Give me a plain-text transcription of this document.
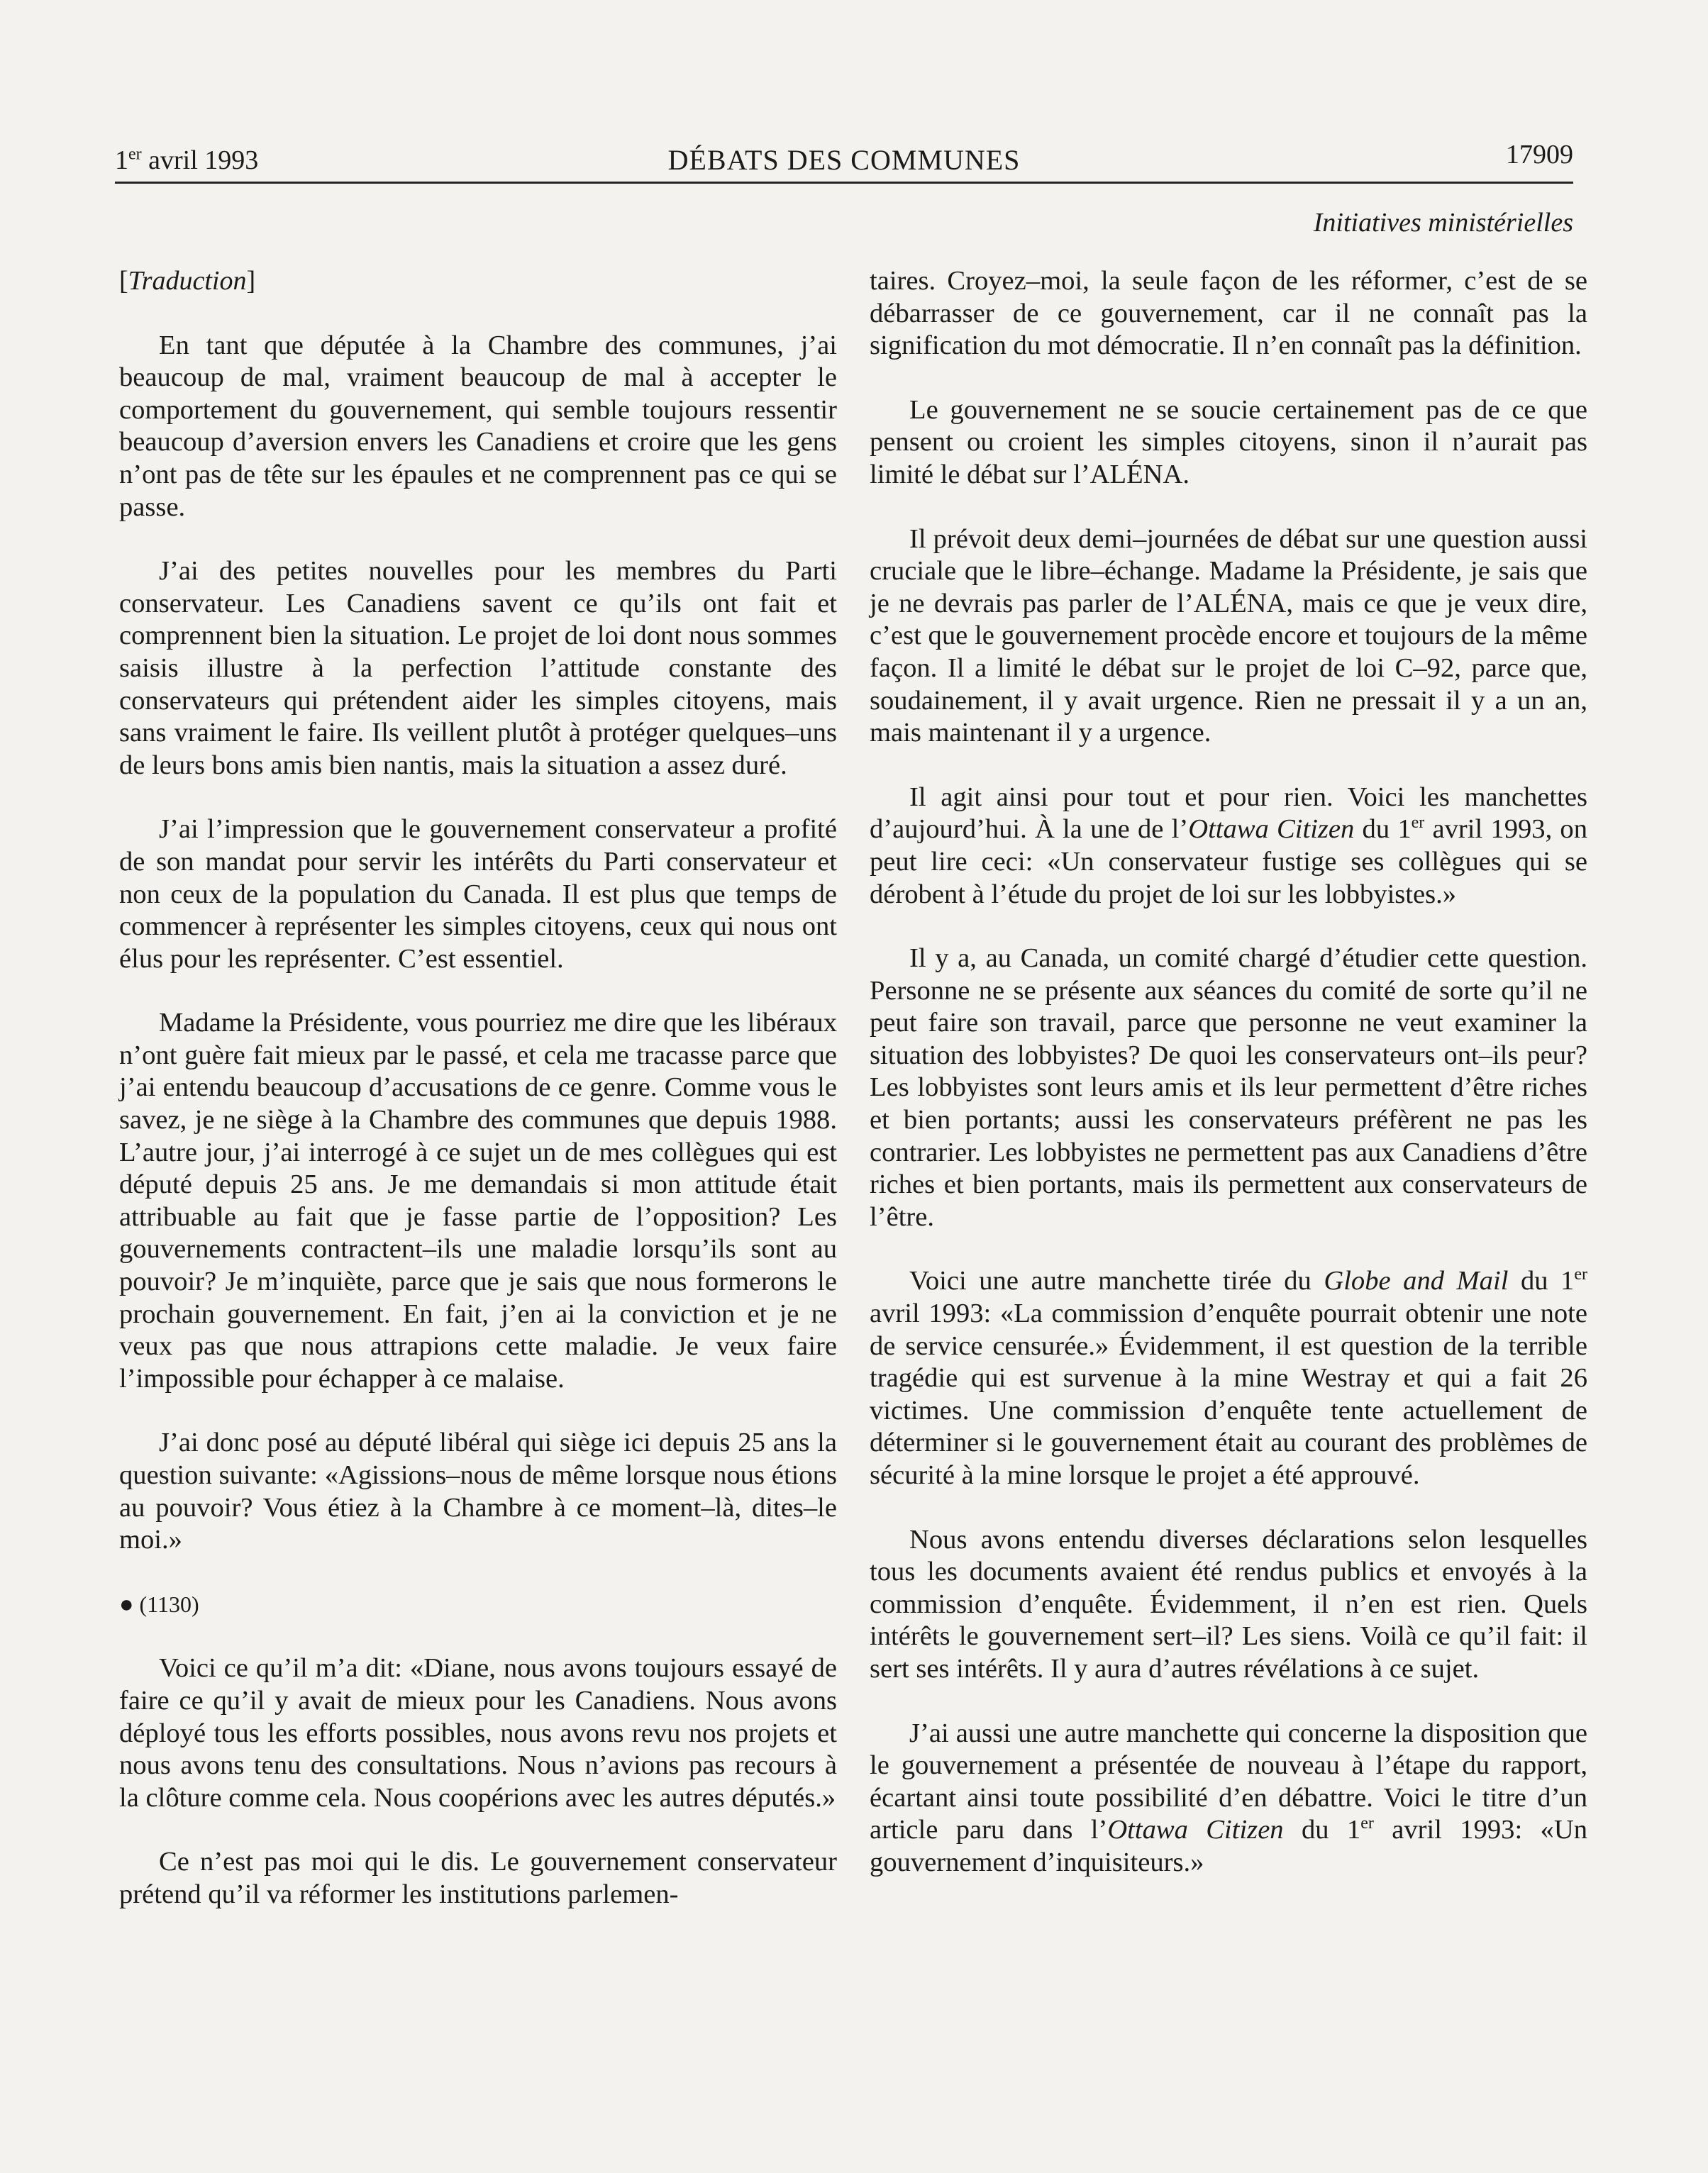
1er avril 1993	DÉBATS DES COMMUNES	17909
Initiatives ministérielles

[Traduction]

En tant que députée à la Chambre des communes, j’ai beaucoup de mal, vraiment beaucoup de mal à accepter le comportement du gouvernement, qui semble toujours ressentir beaucoup d’aversion envers les Canadiens et croire que les gens n’ont pas de tête sur les épaules et ne comprennent pas ce qui se passe.

J’ai des petites nouvelles pour les membres du Parti conservateur. Les Canadiens savent ce qu’ils ont fait et comprennent bien la situation. Le projet de loi dont nous sommes saisis illustre à la perfection l’attitude constante des conservateurs qui prétendent aider les simples citoyens, mais sans vraiment le faire. Ils veillent plutôt à protéger quelques–uns de leurs bons amis bien nantis, mais la situation a assez duré.

J’ai l’impression que le gouvernement conservateur a profité de son mandat pour servir les intérêts du Parti conservateur et non ceux de la population du Canada. Il est plus que temps de commencer à représenter les simples citoyens, ceux qui nous ont élus pour les représenter. C’est essentiel.

Madame la Présidente, vous pourriez me dire que les libéraux n’ont guère fait mieux par le passé, et cela me tracasse parce que j’ai entendu beaucoup d’accusations de ce genre. Comme vous le savez, je ne siège à la Chambre des communes que depuis 1988. L’autre jour, j’ai interrogé à ce sujet un de mes collègues qui est député depuis 25 ans. Je me demandais si mon attitude était attribuable au fait que je fasse partie de l’opposition? Les gouvernements contractent–ils une maladie lorsqu’ils sont au pouvoir? Je m’inquiète, parce que je sais que nous formerons le prochain gouvernement. En fait, j’en ai la conviction et je ne veux pas que nous attrapions cette maladie. Je veux faire l’impossible pour échapper à ce malaise.

J’ai donc posé au député libéral qui siège ici depuis 25 ans la question suivante: «Agissions–nous de même lorsque nous étions au pouvoir? Vous étiez à la Chambre à ce moment–là, dites–le moi.»

● (1130)

Voici ce qu’il m’a dit: «Diane, nous avons toujours essayé de faire ce qu’il y avait de mieux pour les Canadiens. Nous avons déployé tous les efforts possibles, nous avons revu nos projets et nous avons tenu des consultations. Nous n’avions pas recours à la clôture comme cela. Nous coopérions avec les autres députés.»

Ce n’est pas moi qui le dis. Le gouvernement conservateur prétend qu’il va réformer les institutions parlemen-

taires. Croyez–moi, la seule façon de les réformer, c’est de se débarrasser de ce gouvernement, car il ne connaît pas la signification du mot démocratie. Il n’en connaît pas la définition.

Le gouvernement ne se soucie certainement pas de ce que pensent ou croient les simples citoyens, sinon il n’aurait pas limité le débat sur l’ALÉNA.

Il prévoit deux demi–journées de débat sur une question aussi cruciale que le libre–échange. Madame la Présidente, je sais que je ne devrais pas parler de l’ALÉNA, mais ce que je veux dire, c’est que le gouvernement procède encore et toujours de la même façon. Il a limité le débat sur le projet de loi C–92, parce que, soudainement, il y avait urgence. Rien ne pressait il y a un an, mais maintenant il y a urgence.

Il agit ainsi pour tout et pour rien. Voici les manchettes d’aujourd’hui. À la une de l’Ottawa Citizen du 1er avril 1993, on peut lire ceci: «Un conservateur fustige ses collègues qui se dérobent à l’étude du projet de loi sur les lobbyistes.»

Il y a, au Canada, un comité chargé d’étudier cette question. Personne ne se présente aux séances du comité de sorte qu’il ne peut faire son travail, parce que personne ne veut examiner la situation des lobbyistes? De quoi les conservateurs ont–ils peur? Les lobbyistes sont leurs amis et ils leur permettent d’être riches et bien portants; aussi les conservateurs préfèrent ne pas les contrarier. Les lobbyistes ne permettent pas aux Canadiens d’être riches et bien portants, mais ils permettent aux conservateurs de l’être.

Voici une autre manchette tirée du Globe and Mail du 1er avril 1993: «La commission d’enquête pourrait obtenir une note de service censurée.» Évidemment, il est question de la terrible tragédie qui est survenue à la mine Westray et qui a fait 26 victimes. Une commission d’enquête tente actuellement de déterminer si le gouvernement était au courant des problèmes de sécurité à la mine lorsque le projet a été approuvé.

Nous avons entendu diverses déclarations selon lesquelles tous les documents avaient été rendus publics et envoyés à la commission d’enquête. Évidemment, il n’en est rien. Quels intérêts le gouvernement sert–il? Les siens. Voilà ce qu’il fait: il sert ses intérêts. Il y aura d’autres révélations à ce sujet.

J’ai aussi une autre manchette qui concerne la disposition que le gouvernement a présentée de nouveau à l’étape du rapport, écartant ainsi toute possibilité d’en débattre. Voici le titre d’un article paru dans l’Ottawa Citizen du 1er avril 1993: «Un gouvernement d’inquisiteurs.»
